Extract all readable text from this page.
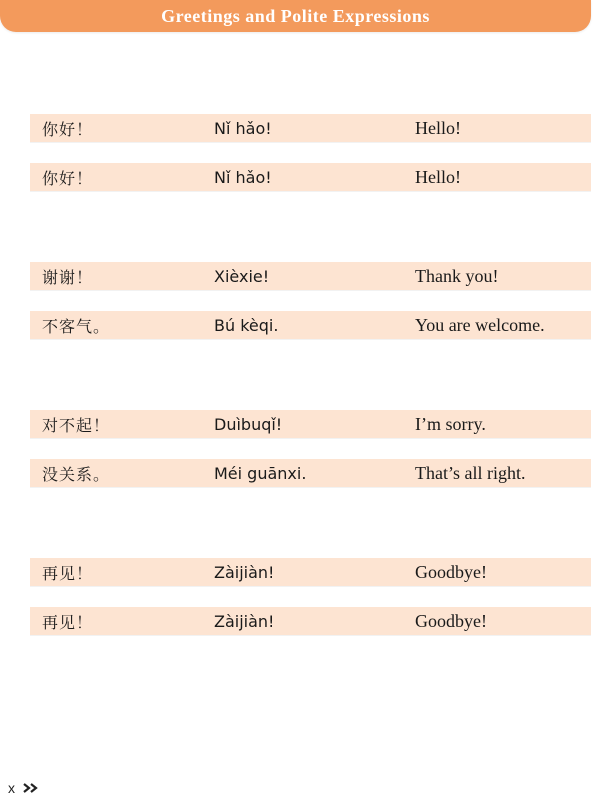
Greetings and Polite Expressions
你好！	Nǐ hǎo!	Hello!
你好！	Nǐ hǎo!	Hello!
谢谢！	Xièxie!	Thank you!
不客气。	Bú kèqi.	You are welcome.
对不起！	Duìbuqǐ!	I’m sorry.
没关系。	Méi guānxi.	That’s all right.
再见！	Zàijiàn!	Goodbye!
再见！	Zàijiàn!	Goodbye!
x
